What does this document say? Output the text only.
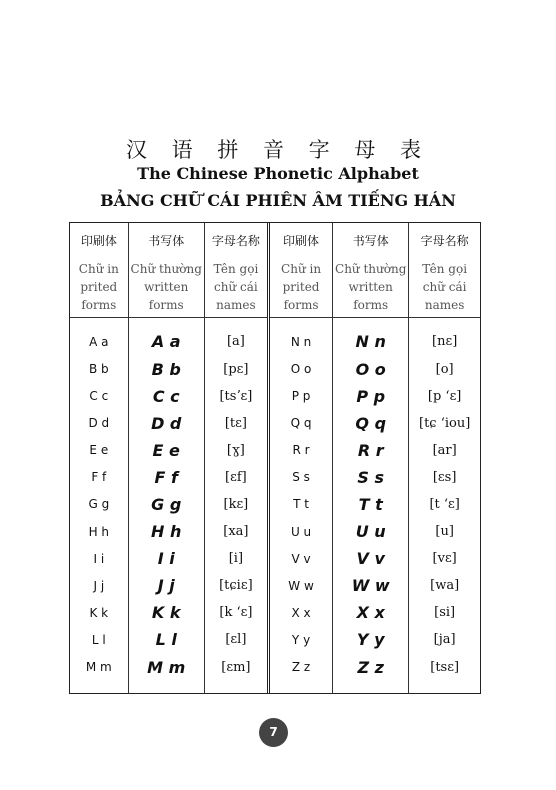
汉 语 拼 音 字 母 表
The Chinese Phonetic Alphabet
BẢNG CHỮ CÁI PHIÊN ÂM TIẾNG HÁN
印刷体	书写体	字母名称	印刷体	书写体	字母名称
Chữ in
prited
forms	Chữ thường
written
forms	Tên gọi
chữ cái
names	Chữ in
prited
forms	Chữ thường
written
forms	Tên gọi
chữ cái
names
A a	A a	[a]	N n	N n	[nɛ]
B b	B b	[pɛ]	O o	O o	[o]
C c	C c	[tsʼɛ]	P p	P p	[p ʻɛ]
D d	D d	[tɛ]	Q q	Q q	[tɕ ʻiou]
E e	E e	[ɣ]	R r	R r	[ar]
F f	F f	[ɛf]	S s	S s	[ɛs]
G g	G g	[kɛ]	T t	T t	[t ʻɛ]
H h	H h	[xa]	U u	U u	[u]
I i	I i	[i]	V v	V v	[vɛ]
J j	J j	[tɕiɛ]	W w	W w	[wa]
K k	K k	[k ʻɛ]	X x	X x	[si]
L l	L l	[ɛl]	Y y	Y y	[ja]
M m	M m	[ɛm]	Z z	Z z	[tsɛ]
7
